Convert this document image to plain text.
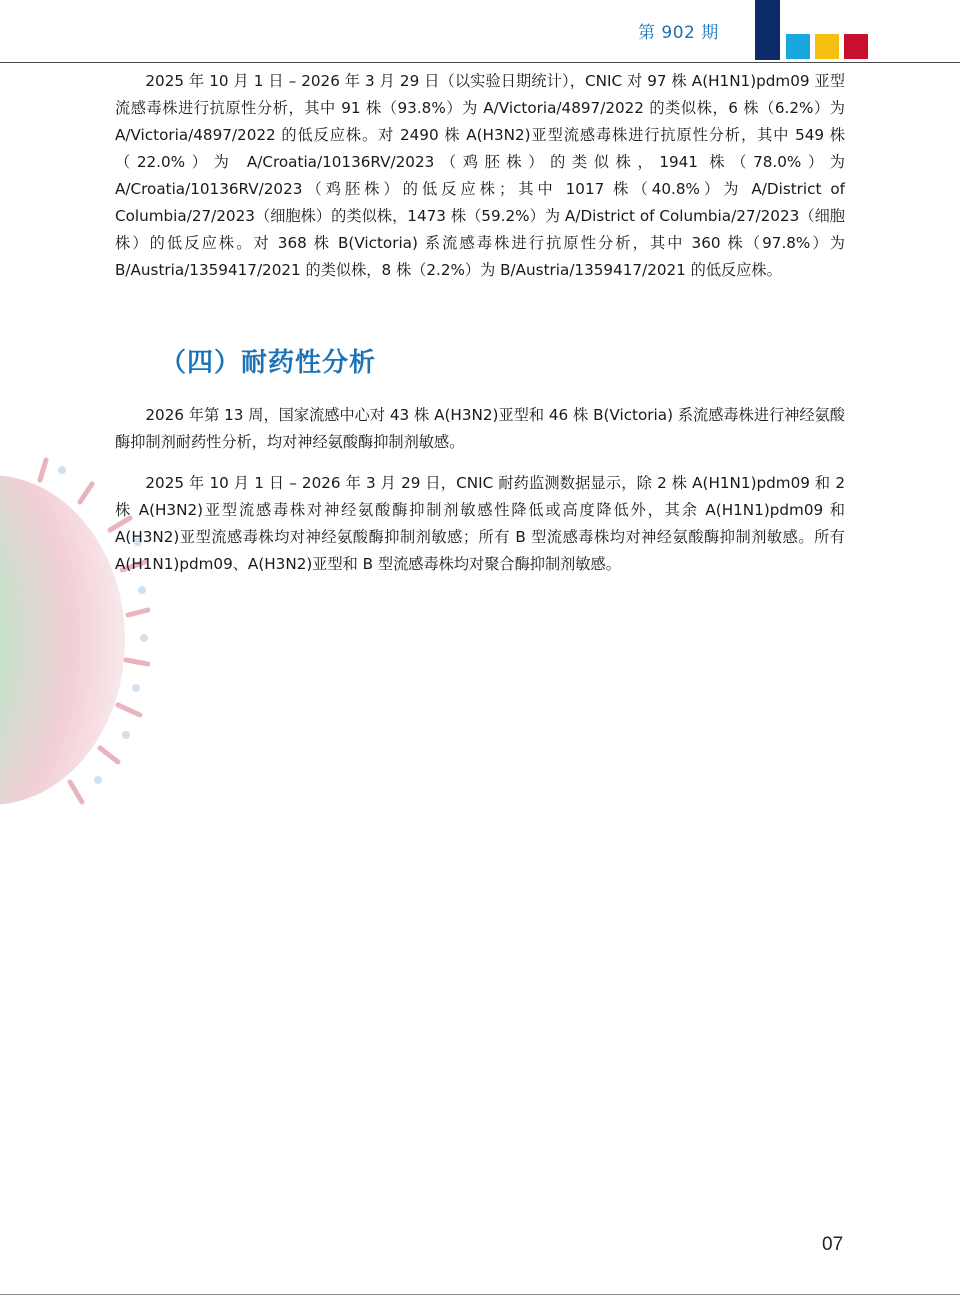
第 902 期

2025 年 10 月 1 日 – 2026 年 3 月 29 日（以实验日期统计），CNIC 对 97 株 A(H1N1)pdm09 亚型流感毒株进行抗原性分析，其中 91 株（93.8%）为 A/Victoria/4897/2022 的类似株，6 株（6.2%）为 A/Victoria/4897/2022 的低反应株。对 2490 株 A(H3N2)亚型流感毒株进行抗原性分析，其中 549 株（22.0%）为 A/Croatia/10136RV/2023（鸡胚株）的类似株，1941 株（78.0%）为 A/Croatia/10136RV/2023（鸡胚株）的低反应株；其中 1017 株（40.8%）为 A/District of Columbia/27/2023（细胞株）的类似株，1473 株（59.2%）为 A/District of Columbia/27/2023（细胞株）的低反应株。对 368 株 B(Victoria) 系流感毒株进行抗原性分析，其中 360 株（97.8%）为 B/Austria/1359417/2021 的类似株，8 株（2.2%）为 B/Austria/1359417/2021 的低反应株。

（四）耐药性分析

2026 年第 13 周，国家流感中心对 43 株 A(H3N2)亚型和 46 株 B(Victoria) 系流感毒株进行神经氨酸酶抑制剂耐药性分析，均对神经氨酸酶抑制剂敏感。

2025 年 10 月 1 日 – 2026 年 3 月 29 日，CNIC 耐药监测数据显示，除 2 株 A(H1N1)pdm09 和 2 株 A(H3N2)亚型流感毒株对神经氨酸酶抑制剂敏感性降低或高度降低外，其余 A(H1N1)pdm09 和 A(H3N2)亚型流感毒株均对神经氨酸酶抑制剂敏感；所有 B 型流感毒株均对神经氨酸酶抑制剂敏感。所有 A(H1N1)pdm09、A(H3N2)亚型和 B 型流感毒株均对聚合酶抑制剂敏感。

07
